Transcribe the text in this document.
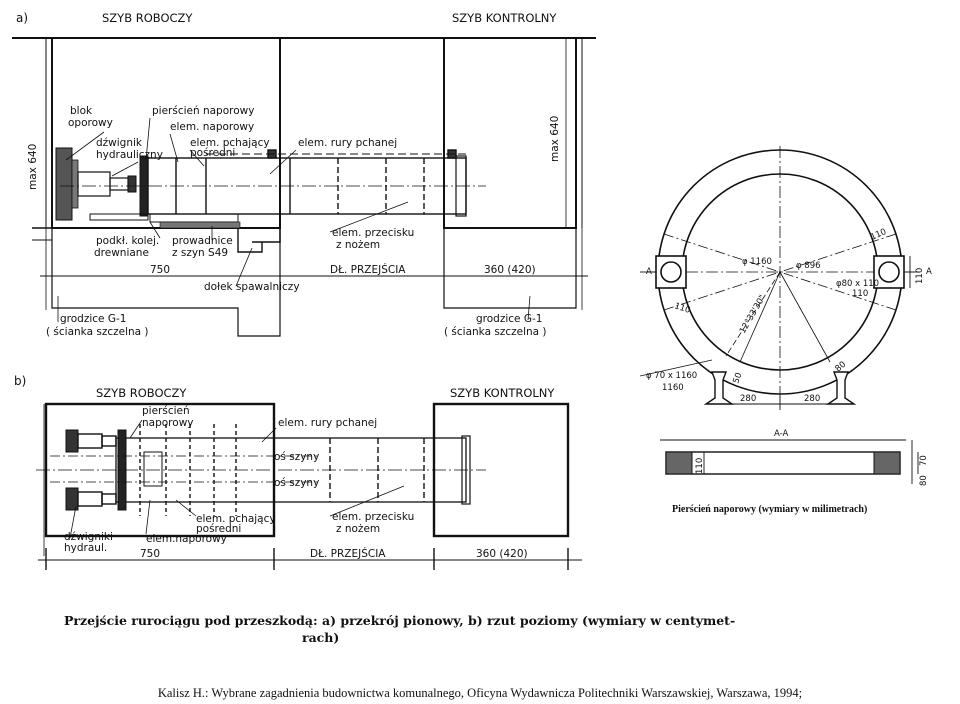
a)	SZYB ROBOCZY	SZYB KONTROLNY
max 640
max 640
blok
oporowy
dźwignik
hydrauliczny
pierścień naporowy
elem. naporowy
elem. pchający
pośredni
elem. rury pchanej
elem. przecisku
z nożem
podkł. kolej.
drewniane
prowadnice
z szyn S49
dołek spawalniczy
750	DŁ. PRZEJŚCIA	360 (420)
grodzice G-1
( ścianka szczelna )
grodzice G-1
( ścianka szczelna )
b)
SZYB ROBOCZY	SZYB KONTROLNY
pierścień
naporowy	elem. rury pchanej
oś szyny
oś szyny
elem. przecisku
z nożem
elem. pchający
pośredni
elem.naporowy
dźwigniki
hydraul.	750	DŁ. PRZEJŚCIA	360 (420)
Przejście rurociągu pod przeszkodą: a) przekrój pionowy, b) rzut poziomy (wymiary w centymet-
rach)
φ 1160	φ 896
φ80 x 110
110
110
110
110
12°33'30"
A	A
φ 70 x 1160
1160
80
50
280	280
A-A
110
80
70
Pierścień naporowy (wymiary w milimetrach)
Kalisz H.: Wybrane zagadnienia budownictwa komunalnego, Oficyna Wydawnicza Politechniki Warszawskiej, Warszawa, 1994;
